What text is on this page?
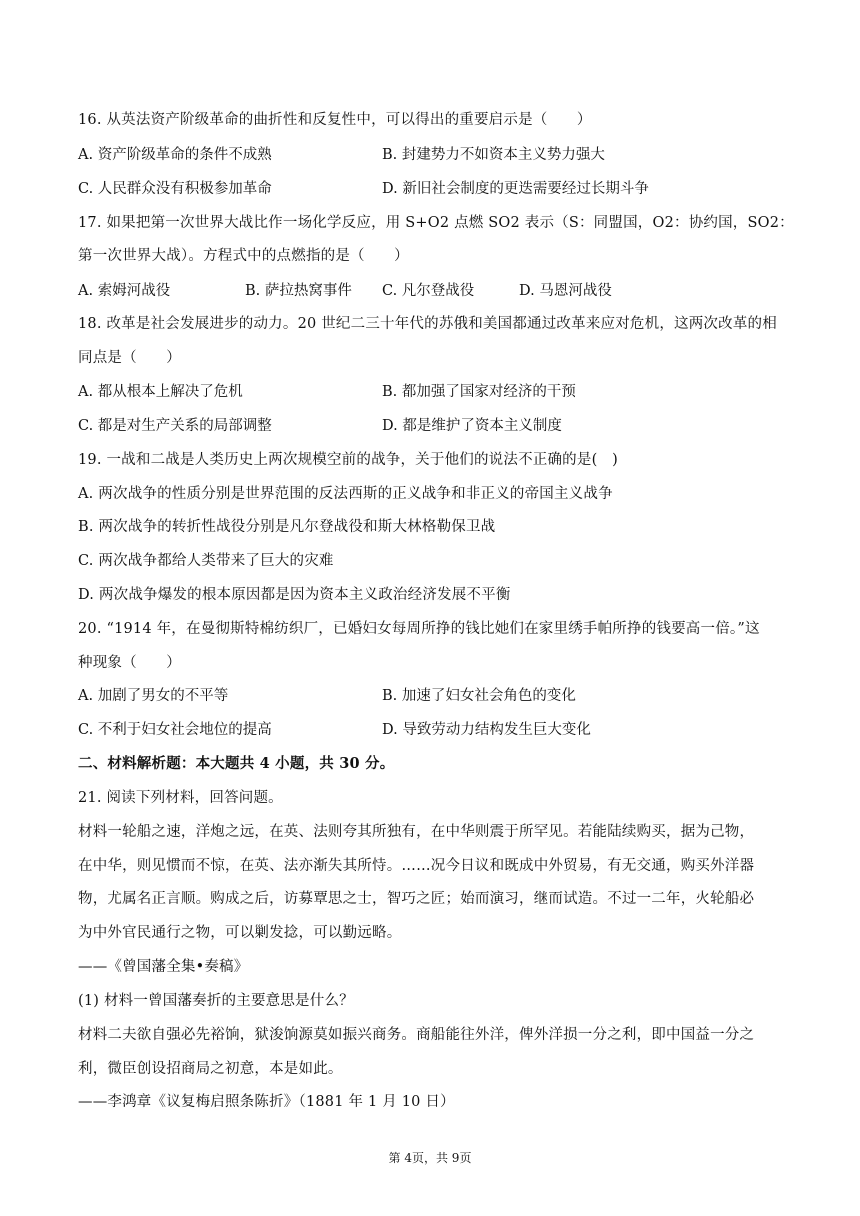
16. 从英法资产阶级革命的曲折性和反复性中，可以得出的重要启示是（　　）
A. 资产阶级革命的条件不成熟	B. 封建势力不如资本主义势力强大
C. 人民群众没有积极参加革命	D. 新旧社会制度的更迭需要经过长期斗争
17. 如果把第一次世界大战比作一场化学反应，用 S+O2 点燃 SO2 表示（S：同盟国，O2：协约国，SO2：
第一次世界大战）。方程式中的点燃指的是（　　）
A. 索姆河战役	B. 萨拉热窝事件 C. 凡尔登战役	D. 马恩河战役
18. 改革是社会发展进步的动力。20 世纪二三十年代的苏俄和美国都通过改革来应对危机，这两次改革的相
同点是（　　）
A. 都从根本上解决了危机	B. 都加强了国家对经济的干预
C. 都是对生产关系的局部调整	D. 都是维护了资本主义制度
19. 一战和二战是人类历史上两次规模空前的战争，关于他们的说法不正确的是(　)
A. 两次战争的性质分别是世界范围的反法西斯的正义战争和非正义的帝国主义战争
B. 两次战争的转折性战役分别是凡尔登战役和斯大林格勒保卫战
C. 两次战争都给人类带来了巨大的灾难
D. 两次战争爆发的根本原因都是因为资本主义政治经济发展不平衡
20. “1914 年，在曼彻斯特棉纺织厂，已婚妇女每周所挣的钱比她们在家里绣手帕所挣的钱要高一倍。”这
种现象（　　）
A. 加剧了男女的不平等	B. 加速了妇女社会角色的变化
C. 不利于妇女社会地位的提高	D. 导致劳动力结构发生巨大变化
二、材料解析题：本大题共 4 小题，共 30 分。
21. 阅读下列材料，回答问题。
材料一轮船之速，洋炮之远，在英、法则夸其所独有，在中华则震于所罕见。若能陆续购买，据为己物，
在中华，则见惯而不惊，在英、法亦渐失其所恃。……况今日议和既成中外贸易，有无交通，购买外洋器
物，尤属名正言顺。购成之后，访募覃思之士，智巧之匠；始而演习，继而试造。不过一二年，火轮船必
为中外官民通行之物，可以剿发捻，可以勤远略。
——《曾国藩全集•奏稿》
(1) 材料一曾国藩奏折的主要意思是什么？
材料二夫欲自强必先裕饷，狱浚饷源莫如振兴商务。商船能往外洋，俾外洋损一分之利，即中国益一分之
利，微臣创设招商局之初意，本是如此。
——李鸿章《议复梅启照条陈折》（1881 年 1 月 10 日）
第 4页，共 9页
